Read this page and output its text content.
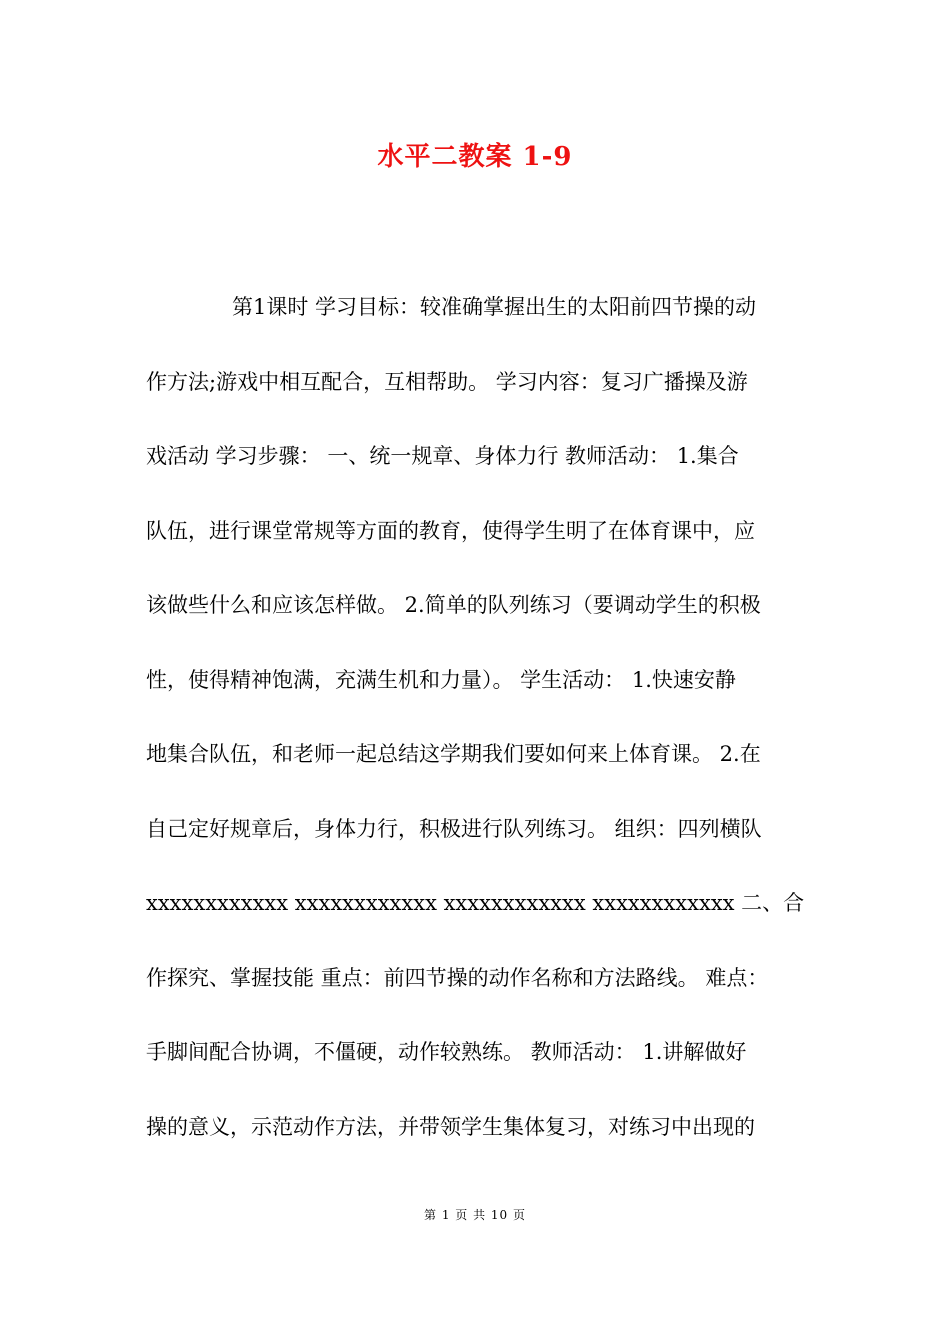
水平二教案 1-9
第1课时 学习目标：较准确掌握出生的太阳前四节操的动
作方法;游戏中相互配合，互相帮助。 学习内容：复习广播操及游
戏活动 学习步骤： 一、统一规章、身体力行 教师活动： 1.集合
队伍，进行课堂常规等方面的教育，使得学生明了在体育课中，应
该做些什么和应该怎样做。 2.简单的队列练习（要调动学生的积极
性，使得精神饱满，充满生机和力量）。 学生活动： 1.快速安静
地集合队伍，和老师一起总结这学期我们要如何来上体育课。 2.在
自己定好规章后，身体力行，积极进行队列练习。 组织：四列横队
xxxxxxxxxxxx xxxxxxxxxxxx xxxxxxxxxxxx xxxxxxxxxxxx 二、合
作探究、掌握技能 重点：前四节操的动作名称和方法路线。 难点：
手脚间配合协调，不僵硬，动作较熟练。 教师活动： 1.讲解做好
操的意义，示范动作方法，并带领学生集体复习，对练习中出现的
第 1 页 共 10 页
